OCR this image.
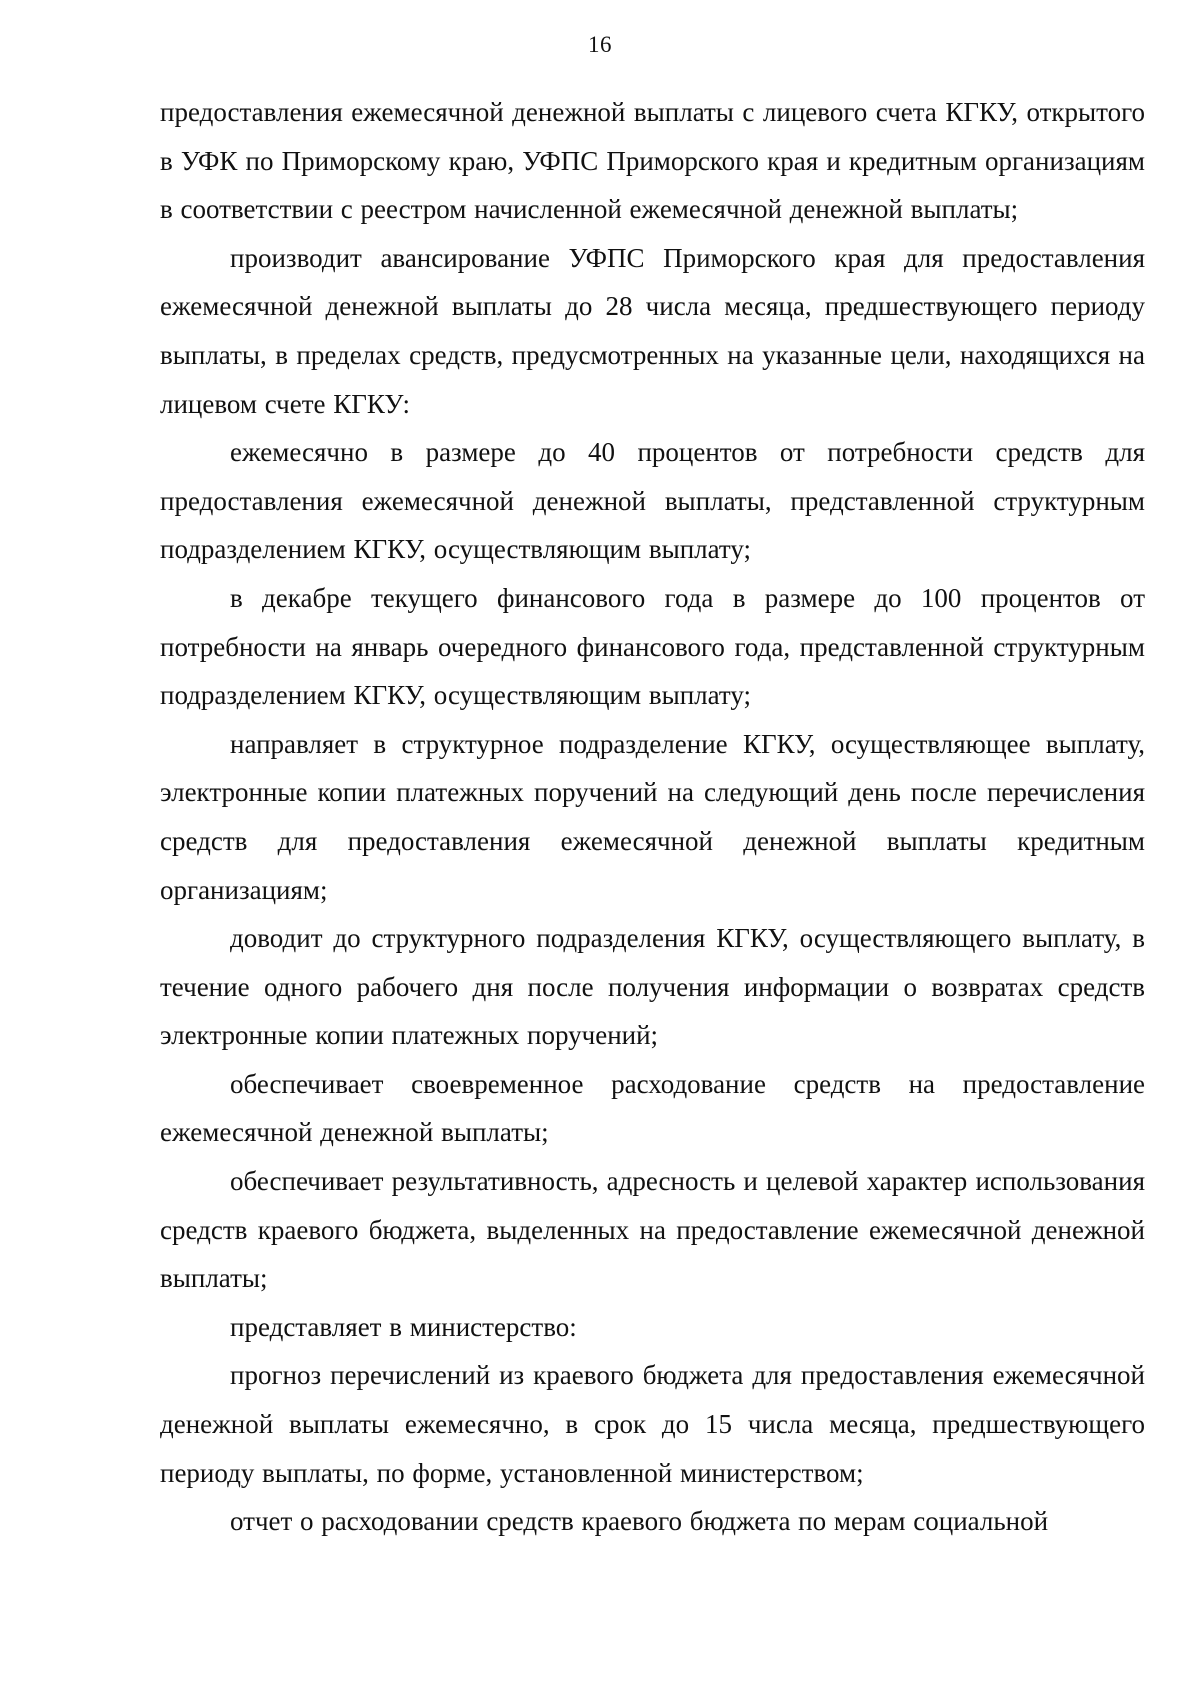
16

предоставления ежемесячной денежной выплаты с лицевого счета КГКУ, открытого в УФК по Приморскому краю, УФПС Приморского края и кредитным организациям в соответствии с реестром начисленной ежемесячной денежной выплаты;

производит авансирование УФПС Приморского края для предоставления ежемесячной денежной выплаты до 28 числа месяца, предшествующего периоду выплаты, в пределах средств, предусмотренных на указанные цели, находящихся на лицевом счете КГКУ:

ежемесячно в размере до 40 процентов от потребности средств для предоставления ежемесячной денежной выплаты, представленной структурным подразделением КГКУ, осуществляющим выплату;

в декабре текущего финансового года в размере до 100 процентов от потребности на январь очередного финансового года, представленной структурным подразделением КГКУ, осуществляющим выплату;

направляет в структурное подразделение КГКУ, осуществляющее выплату, электронные копии платежных поручений на следующий день после перечисления средств для предоставления ежемесячной денежной выплаты кредитным организациям;

доводит до структурного подразделения КГКУ, осуществляющего выплату, в течение одного рабочего дня после получения информации о возвратах средств электронные копии платежных поручений;

обеспечивает своевременное расходование средств на предоставление ежемесячной денежной выплаты;

обеспечивает результативность, адресность и целевой характер использования средств краевого бюджета, выделенных на предоставление ежемесячной денежной выплаты;

представляет в министерство:

прогноз перечислений из краевого бюджета для предоставления ежемесячной денежной выплаты ежемесячно, в срок до 15 числа месяца, предшествующего периоду выплаты, по форме, установленной министерством;

отчет о расходовании средств краевого бюджета по мерам социальной
